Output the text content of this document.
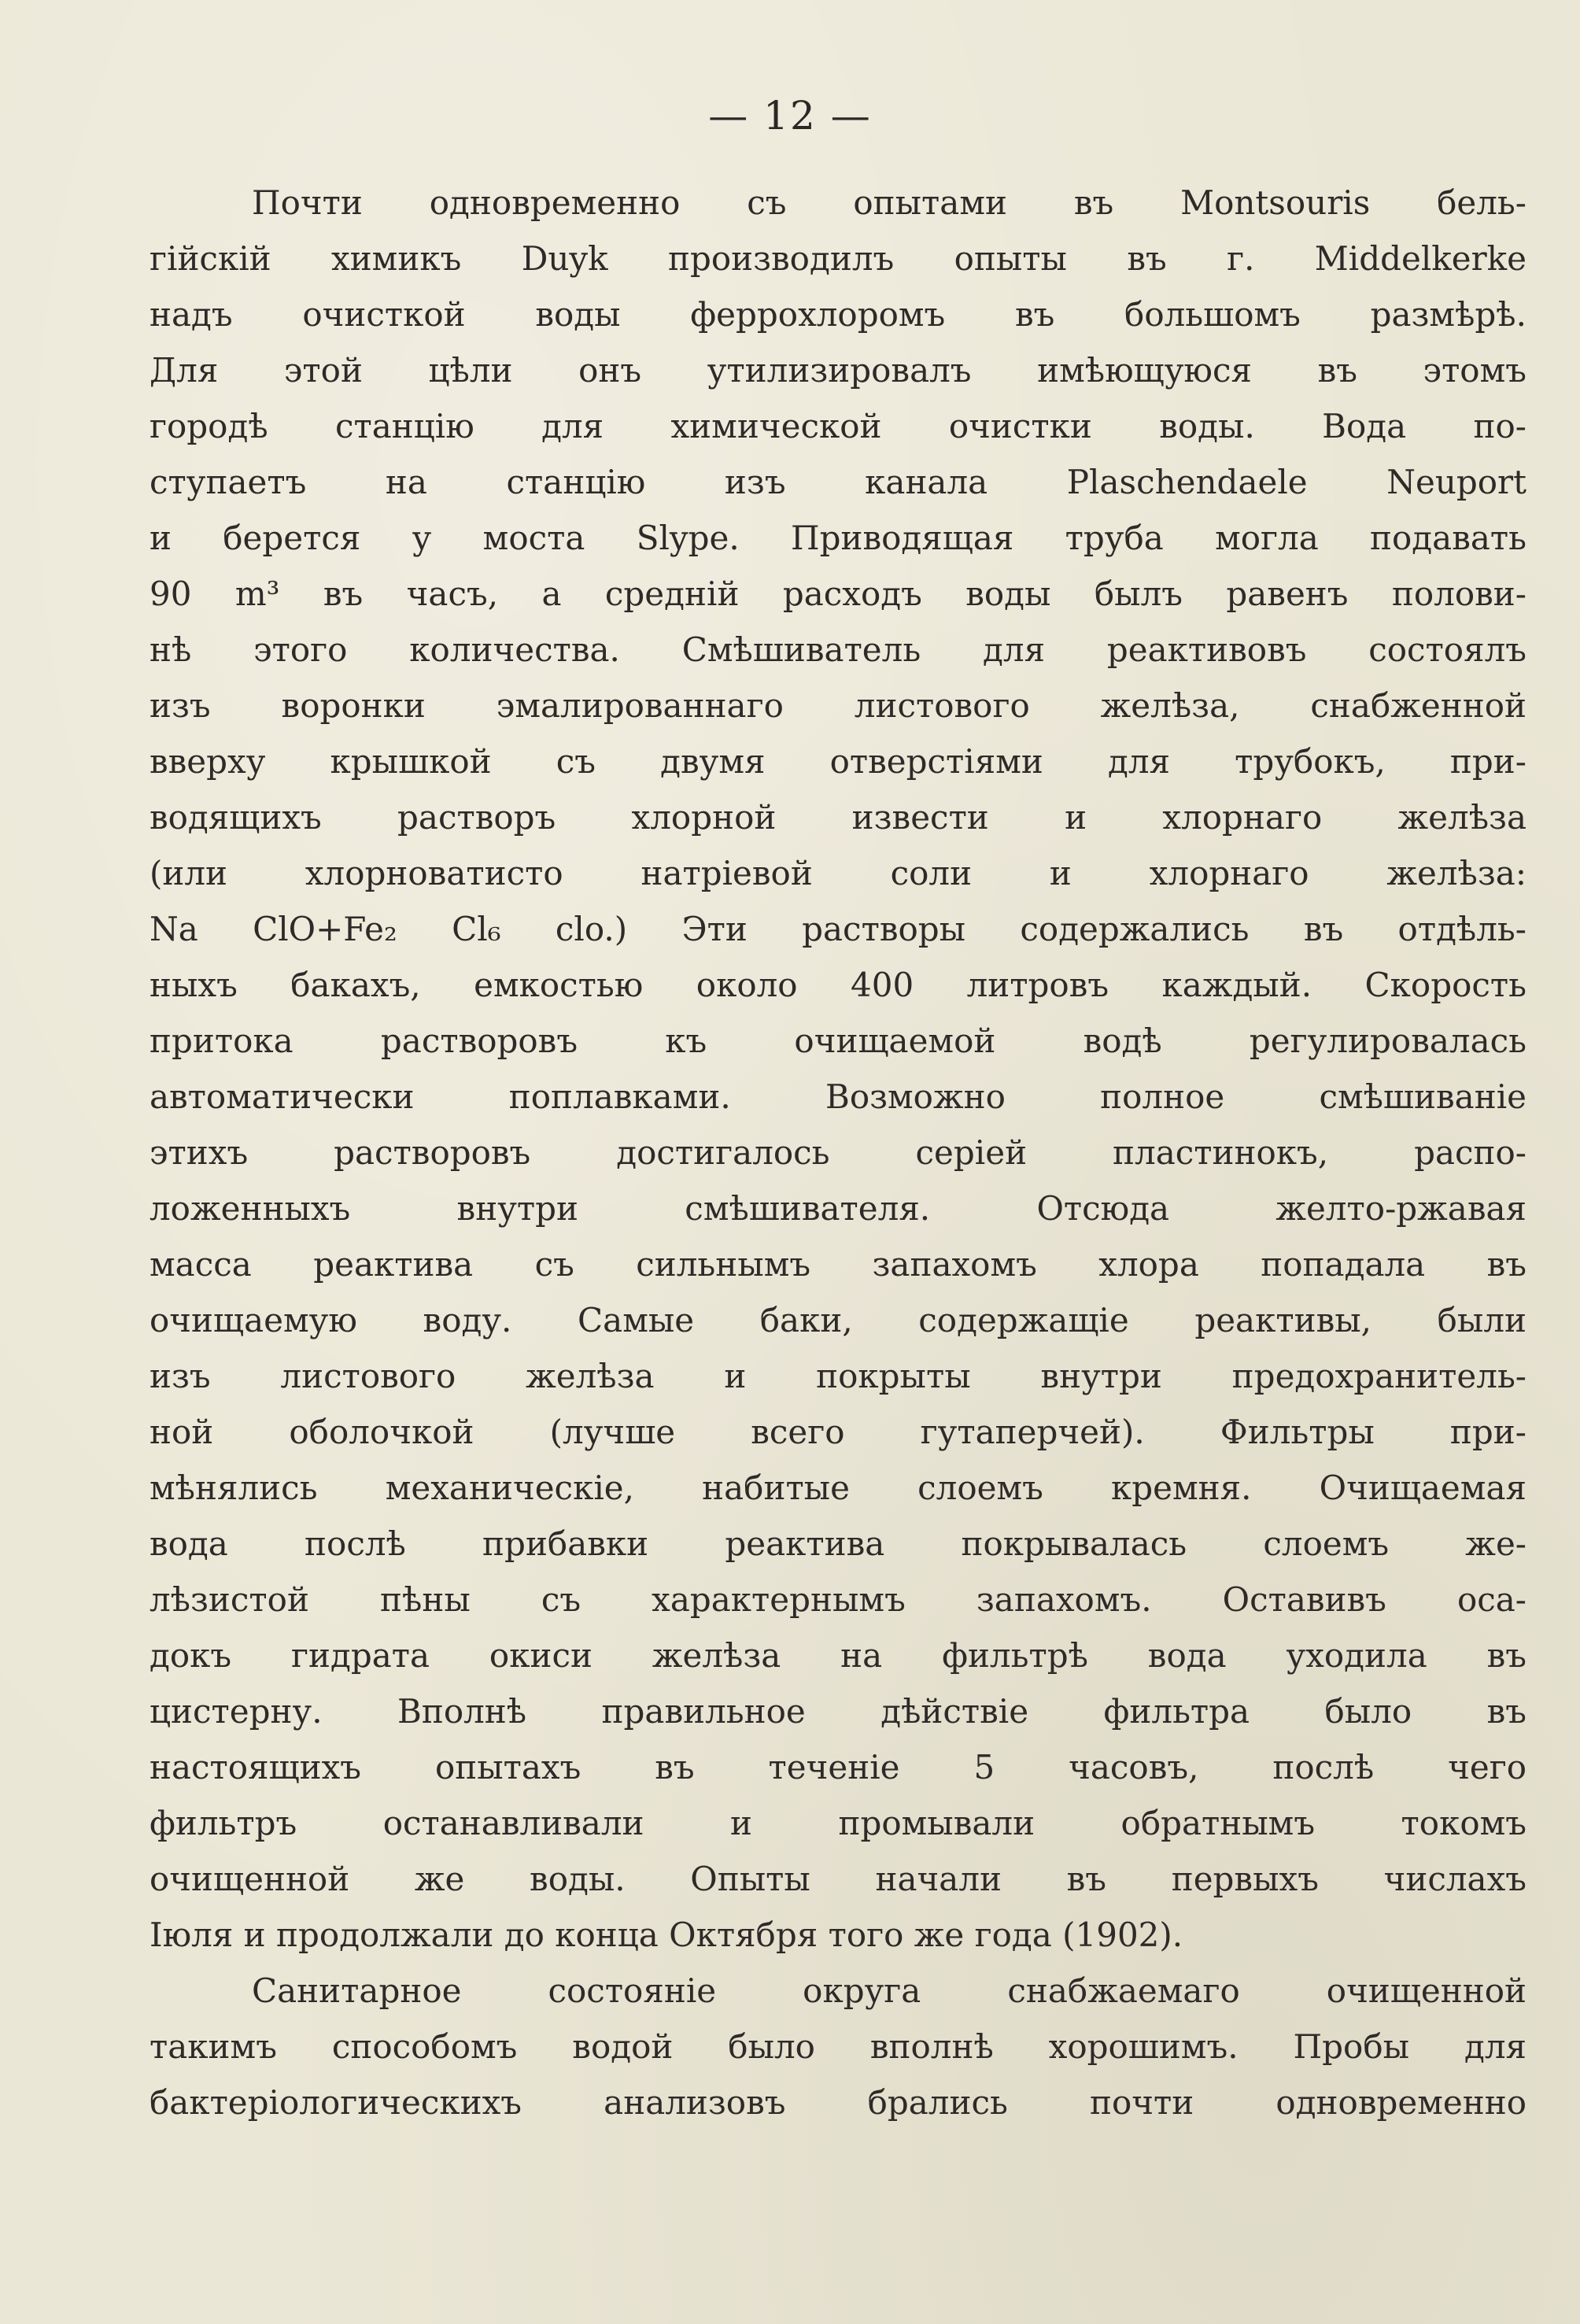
— 12 —
Почти одновременно съ опытами въ Montsouris бель-
гійскій химикъ Duyk производилъ опыты въ г. Middelkerke
надъ очисткой воды феррохлоромъ въ большомъ размѣрѣ.
Для этой цѣли онъ утилизировалъ имѣющуюся въ этомъ
городѣ станцію для химической очистки воды. Вода по-
ступаетъ на станцію изъ канала Plaschendaele Neuport
и берется у моста Slype. Приводящая труба могла подавать
90 m³ въ часъ, а средній расходъ воды былъ равенъ полови-
нѣ этого количества. Смѣшиватель для реактивовъ состоялъ
изъ воронки эмалированнаго листового желѣза, снабженной
вверху крышкой съ двумя отверстіями для трубокъ, при-
водящихъ растворъ хлорной извести и хлорнаго желѣза
(или хлорноватисто натріевой соли и хлорнаго желѣза:
Na ClO+Fe₂ Cl₆ clo.) Эти растворы содержались въ отдѣль-
ныхъ бакахъ, емкостью около 400 литровъ каждый. Скорость
притока растворовъ къ очищаемой водѣ регулировалась
автоматически поплавками. Возможно полное смѣшиваніе
этихъ растворовъ достигалось серіей пластинокъ, распо-
ложенныхъ внутри смѣшивателя. Отсюда желто-ржавая
масса реактива съ сильнымъ запахомъ хлора попадала въ
очищаемую воду. Самые баки, содержащіе реактивы, были
изъ листового желѣза и покрыты внутри предохранитель-
ной оболочкой (лучше всего гутаперчей). Фильтры при-
мѣнялись механическіе, набитые слоемъ кремня. Очищаемая
вода послѣ прибавки реактива покрывалась слоемъ же-
лѣзистой пѣны съ характернымъ запахомъ. Оставивъ оса-
докъ гидрата окиси желѣза на фильтрѣ вода уходила въ
цистерну. Вполнѣ правильное дѣйствіе фильтра было въ
настоящихъ опытахъ въ теченіе 5 часовъ, послѣ чего
фильтръ останавливали и промывали обратнымъ токомъ
очищенной же воды. Опыты начали въ первыхъ числахъ
Іюля и продолжали до конца Октября того же года (1902).
Санитарное состояніе округа снабжаемаго очищенной
такимъ способомъ водой было вполнѣ хорошимъ. Пробы для
бактеріологическихъ анализовъ брались почти одновременно
